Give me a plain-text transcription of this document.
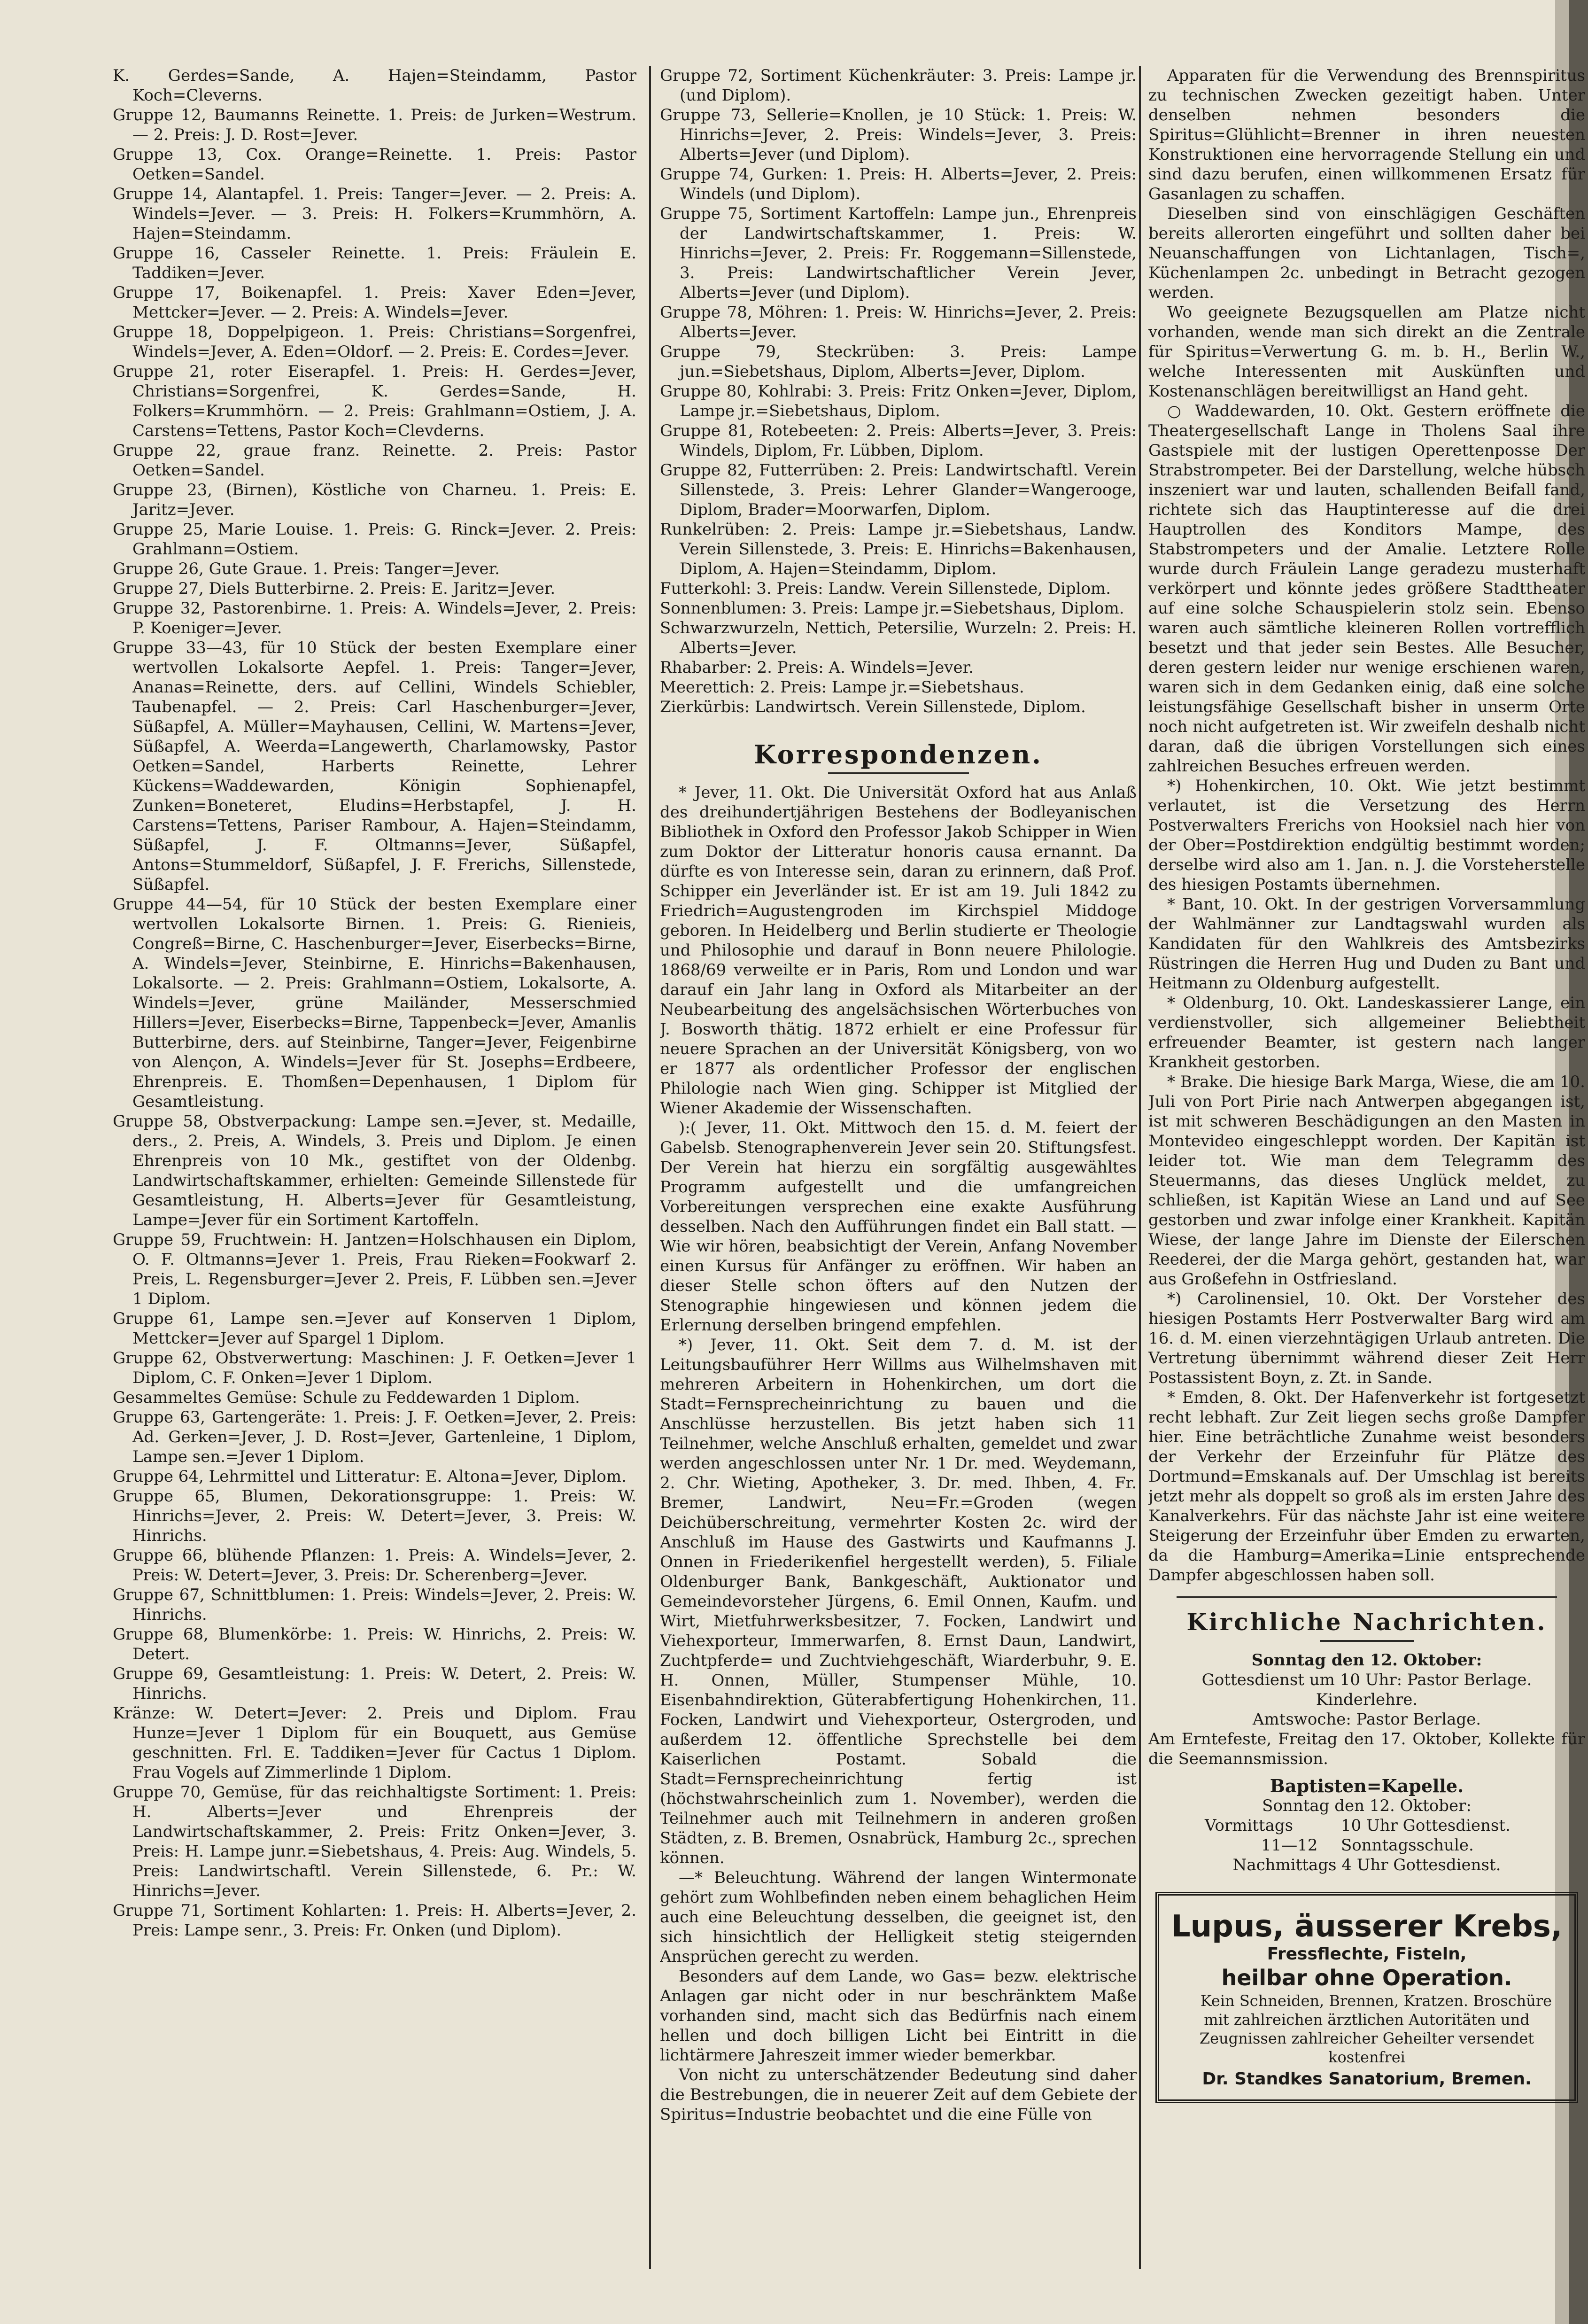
K. Gerdes=Sande, A. Hajen=Steindamm, Pastor Koch=Cleverns.

Gruppe 12, Baumanns Reinette. 1. Preis: de Jurken=Westrum. — 2. Preis: J. D. Rost=Jever.

Gruppe 13, Cox. Orange=Reinette. 1. Preis: Pastor Oetken=Sandel.

Gruppe 14, Alantapfel. 1. Preis: Tanger=Jever. — 2. Preis: A. Windels=Jever. — 3. Preis: H. Folkers=Krummhörn, A. Hajen=Steindamm.

Gruppe 16, Casseler Reinette. 1. Preis: Fräulein E. Taddiken=Jever.

Gruppe 17, Boikenapfel. 1. Preis: Xaver Eden=Jever, Mettcker=Jever. — 2. Preis: A. Windels=Jever.

Gruppe 18, Doppelpigeon. 1. Preis: Christians=Sorgenfrei, Windels=Jever, A. Eden=Oldorf. — 2. Preis: E. Cordes=Jever.

Gruppe 21, roter Eiserapfel. 1. Preis: H. Gerdes=Jever, Christians=Sorgenfrei, K. Gerdes=Sande, H. Folkers=Krummhörn. — 2. Preis: Grahlmann=Ostiem, J. A. Carstens=Tettens, Pastor Koch=Clevderns.

Gruppe 22, graue franz. Reinette. 2. Preis: Pastor Oetken=Sandel.

Gruppe 23, (Birnen), Köstliche von Charneu. 1. Preis: E. Jaritz=Jever.

Gruppe 25, Marie Louise. 1. Preis: G. Rinck=Jever. 2. Preis: Grahlmann=Ostiem.

Gruppe 26, Gute Graue. 1. Preis: Tanger=Jever.

Gruppe 27, Diels Butterbirne. 2. Preis: E. Jaritz=Jever.

Gruppe 32, Pastorenbirne. 1. Preis: A. Windels=Jever, 2. Preis: P. Koeniger=Jever.

Gruppe 33—43, für 10 Stück der besten Exemplare einer wertvollen Lokalsorte Aepfel. 1. Preis: Tanger=Jever, Ananas=Reinette, ders. auf Cellini, Windels Schiebler, Taubenapfel. — 2. Preis: Carl Haschenburger=Jever, Süßapfel, A. Müller=Mayhausen, Cellini, W. Martens=Jever, Süßapfel, A. Weerda=Langewerth, Charlamowsky, Pastor Oetken=Sandel, Harberts Reinette, Lehrer Kückens=Waddewarden, Königin Sophienapfel, Zunken=Boneteret, Eludins=Herbstapfel, J. H. Carstens=Tettens, Pariser Rambour, A. Hajen=Steindamm, Süßapfel, J. F. Oltmanns=Jever, Süßapfel, Antons=Stummeldorf, Süßapfel, J. F. Frerichs, Sillenstede, Süßapfel.

Gruppe 44—54, für 10 Stück der besten Exemplare einer wertvollen Lokalsorte Birnen. 1. Preis: G. Rienieis, Congreß=Birne, C. Haschenburger=Jever, Eiserbecks=Birne, A. Windels=Jever, Steinbirne, E. Hinrichs=Bakenhausen, Lokalsorte. — 2. Preis: Grahlmann=Ostiem, Lokalsorte, A. Windels=Jever, grüne Mailänder, Messerschmied Hillers=Jever, Eiserbecks=Birne, Tappenbeck=Jever, Amanlis Butterbirne, ders. auf Steinbirne, Tanger=Jever, Feigenbirne von Alençon, A. Windels=Jever für St. Josephs=Erdbeere, Ehrenpreis. E. Thomßen=Depenhausen, 1 Diplom für Gesamtleistung.

Gruppe 58, Obstverpackung: Lampe sen.=Jever, st. Medaille, ders., 2. Preis, A. Windels, 3. Preis und Diplom. Je einen Ehrenpreis von 10 Mk., gestiftet von der Oldenbg. Landwirtschaftskammer, erhielten: Gemeinde Sillenstede für Gesamtleistung, H. Alberts=Jever für Gesamtleistung, Lampe=Jever für ein Sortiment Kartoffeln.

Gruppe 59, Fruchtwein: H. Jantzen=Holschhausen ein Diplom, O. F. Oltmanns=Jever 1. Preis, Frau Rieken=Fookwarf 2. Preis, L. Regensburger=Jever 2. Preis, F. Lübben sen.=Jever 1 Diplom.

Gruppe 61, Lampe sen.=Jever auf Konserven 1 Diplom, Mettcker=Jever auf Spargel 1 Diplom.

Gruppe 62, Obstverwertung: Maschinen: J. F. Oetken=Jever 1 Diplom, C. F. Onken=Jever 1 Diplom.

Gesammeltes Gemüse: Schule zu Feddewarden 1 Diplom.

Gruppe 63, Gartengeräte: 1. Preis: J. F. Oetken=Jever, 2. Preis: Ad. Gerken=Jever, J. D. Rost=Jever, Gartenleine, 1 Diplom, Lampe sen.=Jever 1 Diplom.

Gruppe 64, Lehrmittel und Litteratur: E. Altona=Jever, Diplom.

Gruppe 65, Blumen, Dekorationsgruppe: 1. Preis: W. Hinrichs=Jever, 2. Preis: W. Detert=Jever, 3. Preis: W. Hinrichs.

Gruppe 66, blühende Pflanzen: 1. Preis: A. Windels=Jever, 2. Preis: W. Detert=Jever, 3. Preis: Dr. Scherenberg=Jever.

Gruppe 67, Schnittblumen: 1. Preis: Windels=Jever, 2. Preis: W. Hinrichs.

Gruppe 68, Blumenkörbe: 1. Preis: W. Hinrichs, 2. Preis: W. Detert.

Gruppe 69, Gesamtleistung: 1. Preis: W. Detert, 2. Preis: W. Hinrichs.

Kränze: W. Detert=Jever: 2. Preis und Diplom. Frau Hunze=Jever 1 Diplom für ein Bouquett, aus Gemüse geschnitten. Frl. E. Taddiken=Jever für Cactus 1 Diplom. Frau Vogels auf Zimmerlinde 1 Diplom.

Gruppe 70, Gemüse, für das reichhaltigste Sortiment: 1. Preis: H. Alberts=Jever und Ehrenpreis der Landwirtschaftskammer, 2. Preis: Fritz Onken=Jever, 3. Preis: H. Lampe junr.=Siebetshaus, 4. Preis: Aug. Windels, 5. Preis: Landwirtschaftl. Verein Sillenstede, 6. Pr.: W. Hinrichs=Jever.

Gruppe 71, Sortiment Kohlarten: 1. Preis: H. Alberts=Jever, 2. Preis: Lampe senr., 3. Preis: Fr. Onken (und Diplom).

Gruppe 72, Sortiment Küchenkräuter: 3. Preis: Lampe jr. (und Diplom).

Gruppe 73, Sellerie=Knollen, je 10 Stück: 1. Preis: W. Hinrichs=Jever, 2. Preis: Windels=Jever, 3. Preis: Alberts=Jever (und Diplom).

Gruppe 74, Gurken: 1. Preis: H. Alberts=Jever, 2. Preis: Windels (und Diplom).

Gruppe 75, Sortiment Kartoffeln: Lampe jun., Ehrenpreis der Landwirtschaftskammer, 1. Preis: W. Hinrichs=Jever, 2. Preis: Fr. Roggemann=Sillenstede, 3. Preis: Landwirtschaftlicher Verein Jever, Alberts=Jever (und Diplom).

Gruppe 78, Möhren: 1. Preis: W. Hinrichs=Jever, 2. Preis: Alberts=Jever.

Gruppe 79, Steckrüben: 3. Preis: Lampe jun.=Siebetshaus, Diplom, Alberts=Jever, Diplom.

Gruppe 80, Kohlrabi: 3. Preis: Fritz Onken=Jever, Diplom, Lampe jr.=Siebetshaus, Diplom.

Gruppe 81, Rotebeeten: 2. Preis: Alberts=Jever, 3. Preis: Windels, Diplom, Fr. Lübben, Diplom.

Gruppe 82, Futterrüben: 2. Preis: Landwirtschaftl. Verein Sillenstede, 3. Preis: Lehrer Glander=Wangerooge, Diplom, Brader=Moorwarfen, Diplom.

Runkelrüben: 2. Preis: Lampe jr.=Siebetshaus, Landw. Verein Sillenstede, 3. Preis: E. Hinrichs=Bakenhausen, Diplom, A. Hajen=Steindamm, Diplom.

Futterkohl: 3. Preis: Landw. Verein Sillenstede, Diplom.

Sonnenblumen: 3. Preis: Lampe jr.=Siebetshaus, Diplom.

Schwarzwurzeln, Nettich, Petersilie, Wurzeln: 2. Preis: H. Alberts=Jever.

Rhabarber: 2. Preis: A. Windels=Jever.

Meerettich: 2. Preis: Lampe jr.=Siebetshaus.

Zierkürbis: Landwirtsch. Verein Sillenstede, Diplom.

Korrespondenzen.

* Jever, 11. Okt. Die Universität Oxford hat aus Anlaß des dreihundertjährigen Bestehens der Bodleyanischen Bibliothek in Oxford den Professor Jakob Schipper in Wien zum Doktor der Litteratur honoris causa ernannt. Da dürfte es von Interesse sein, daran zu erinnern, daß Prof. Schipper ein Jeverländer ist. Er ist am 19. Juli 1842 zu Friedrich=Augustengroden im Kirchspiel Middoge geboren. In Heidelberg und Berlin studierte er Theologie und Philosophie und darauf in Bonn neuere Philologie. 1868/69 verweilte er in Paris, Rom und London und war darauf ein Jahr lang in Oxford als Mitarbeiter an der Neubearbeitung des angelsächsischen Wörterbuches von J. Bosworth thätig. 1872 erhielt er eine Professur für neuere Sprachen an der Universität Königsberg, von wo er 1877 als ordentlicher Professor der englischen Philologie nach Wien ging. Schipper ist Mitglied der Wiener Akademie der Wissenschaften.

):( Jever, 11. Okt. Mittwoch den 15. d. M. feiert der Gabelsb. Stenographenverein Jever sein 20. Stiftungsfest. Der Verein hat hierzu ein sorgfältig ausgewähltes Programm aufgestellt und die umfangreichen Vorbereitungen versprechen eine exakte Ausführung desselben. Nach den Aufführungen findet ein Ball statt. — Wie wir hören, beabsichtigt der Verein, Anfang November einen Kursus für Anfänger zu eröffnen. Wir haben an dieser Stelle schon öfters auf den Nutzen der Stenographie hingewiesen und können jedem die Erlernung derselben bringend empfehlen.

*) Jever, 11. Okt. Seit dem 7. d. M. ist der Leitungsbauführer Herr Willms aus Wilhelmshaven mit mehreren Arbeitern in Hohenkirchen, um dort die Stadt=Fernsprecheinrichtung zu bauen und die Anschlüsse herzustellen. Bis jetzt haben sich 11 Teilnehmer, welche Anschluß erhalten, gemeldet und zwar werden angeschlossen unter Nr. 1 Dr. med. Weydemann, 2. Chr. Wieting, Apotheker, 3. Dr. med. Ihben, 4. Fr. Bremer, Landwirt, Neu=Fr.=Groden (wegen Deichüberschreitung, vermehrter Kosten 2c. wird der Anschluß im Hause des Gastwirts und Kaufmanns J. Onnen in Friederikenfiel hergestellt werden), 5. Filiale Oldenburger Bank, Bankgeschäft, Auktionator und Gemeindevorsteher Jürgens, 6. Emil Onnen, Kaufm. und Wirt, Mietfuhrwerksbesitzer, 7. Focken, Landwirt und Viehexporteur, Immerwarfen, 8. Ernst Daun, Landwirt, Zuchtpferde= und Zuchtviehgeschäft, Wiarderbuhr, 9. E. H. Onnen, Müller, Stumpenser Mühle, 10. Eisenbahndirektion, Güterabfertigung Hohenkirchen, 11. Focken, Landwirt und Viehexporteur, Ostergroden, und außerdem 12. öffentliche Sprechstelle bei dem Kaiserlichen Postamt. Sobald die Stadt=Fernsprecheinrichtung fertig ist (höchstwahrscheinlich zum 1. November), werden die Teilnehmer auch mit Teilnehmern in anderen großen Städten, z. B. Bremen, Osnabrück, Hamburg 2c., sprechen können.

—* Beleuchtung. Während der langen Wintermonate gehört zum Wohlbefinden neben einem behaglichen Heim auch eine Beleuchtung desselben, die geeignet ist, den sich hinsichtlich der Helligkeit stetig steigernden Ansprüchen gerecht zu werden.

Besonders auf dem Lande, wo Gas= bezw. elektrische Anlagen gar nicht oder in nur beschränktem Maße vorhanden sind, macht sich das Bedürfnis nach einem hellen und doch billigen Licht bei Eintritt in die lichtärmere Jahreszeit immer wieder bemerkbar.

Von nicht zu unterschätzender Bedeutung sind daher die Bestrebungen, die in neuerer Zeit auf dem Gebiete der Spiritus=Industrie beobachtet und die eine Fülle von

Apparaten für die Verwendung des Brennspiritus zu technischen Zwecken gezeitigt haben. Unter denselben nehmen besonders die Spiritus=Glühlicht=Brenner in ihren neuesten Konstruktionen eine hervorragende Stellung ein und sind dazu berufen, einen willkommenen Ersatz für Gasanlagen zu schaffen.

Dieselben sind von einschlägigen Geschäften bereits allerorten eingeführt und sollten daher bei Neuanschaffungen von Lichtanlagen, Tisch=, Küchenlampen 2c. unbedingt in Betracht gezogen werden.

Wo geeignete Bezugsquellen am Platze nicht vorhanden, wende man sich direkt an die Zentrale für Spiritus=Verwertung G. m. b. H., Berlin W., welche Interessenten mit Auskünften und Kostenanschlägen bereitwilligst an Hand geht.

○ Waddewarden, 10. Okt. Gestern eröffnete die Theatergesellschaft Lange in Tholens Saal ihre Gastspiele mit der lustigen Operettenposse Der Strabstrompeter. Bei der Darstellung, welche hübsch inszeniert war und lauten, schallenden Beifall fand, richtete sich das Hauptinteresse auf die drei Hauptrollen des Konditors Mampe, des Stabstrompeters und der Amalie. Letztere Rolle wurde durch Fräulein Lange geradezu musterhaft verkörpert und könnte jedes größere Stadttheater auf eine solche Schauspielerin stolz sein. Ebenso waren auch sämtliche kleineren Rollen vortrefflich besetzt und that jeder sein Bestes. Alle Besucher, deren gestern leider nur wenige erschienen waren, waren sich in dem Gedanken einig, daß eine solche leistungsfähige Gesellschaft bisher in unserm Orte noch nicht aufgetreten ist. Wir zweifeln deshalb nicht daran, daß die übrigen Vorstellungen sich eines zahlreichen Besuches erfreuen werden.

*) Hohenkirchen, 10. Okt. Wie jetzt bestimmt verlautet, ist die Versetzung des Herrn Postverwalters Frerichs von Hooksiel nach hier von der Ober=Postdirektion endgültig bestimmt worden; derselbe wird also am 1. Jan. n. J. die Vorsteherstelle des hiesigen Postamts übernehmen.

* Bant, 10. Okt. In der gestrigen Vorversammlung der Wahlmänner zur Landtagswahl wurden als Kandidaten für den Wahlkreis des Amtsbezirks Rüstringen die Herren Hug und Duden zu Bant und Heitmann zu Oldenburg aufgestellt.

* Oldenburg, 10. Okt. Landeskassierer Lange, ein verdienstvoller, sich allgemeiner Beliebtheit erfreuender Beamter, ist gestern nach langer Krankheit gestorben.

* Brake. Die hiesige Bark Marga, Wiese, die am 10. Juli von Port Pirie nach Antwerpen abgegangen ist, ist mit schweren Beschädigungen an den Masten in Montevideo eingeschleppt worden. Der Kapitän ist leider tot. Wie man dem Telegramm des Steuermanns, das dieses Unglück meldet, zu schließen, ist Kapitän Wiese an Land und auf See gestorben und zwar infolge einer Krankheit. Kapitän Wiese, der lange Jahre im Dienste der Eilerschen Reederei, der die Marga gehört, gestanden hat, war aus Großefehn in Ostfriesland.

*) Carolinensiel, 10. Okt. Der Vorsteher des hiesigen Postamts Herr Postverwalter Barg wird am 16. d. M. einen vierzehntägigen Urlaub antreten. Die Vertretung übernimmt während dieser Zeit Herr Postassistent Boyn, z. Zt. in Sande.

* Emden, 8. Okt. Der Hafenverkehr ist fortgesetzt recht lebhaft. Zur Zeit liegen sechs große Dampfer hier. Eine beträchtliche Zunahme weist besonders der Verkehr der Erzeinfuhr für Plätze des Dortmund=Emskanals auf. Der Umschlag ist bereits jetzt mehr als doppelt so groß als im ersten Jahre des Kanalverkehrs. Für das nächste Jahr ist eine weitere Steigerung der Erzeinfuhr über Emden zu erwarten, da die Hamburg=Amerika=Linie entsprechende Dampfer abgeschlossen haben soll.

Kirchliche Nachrichten.

Sonntag den 12. Oktober:

Gottesdienst um 10 Uhr: Pastor Berlage.

Kinderlehre.

Amtswoche: Pastor Berlage.

Am Erntefeste, Freitag den 17. Oktober, Kollekte für die Seemannsmission.

Baptisten=Kapelle.

Sonntag den 12. Oktober:

Vormittags	10 Uhr Gottesdienst.
11—12	Sonntagsschule.

Nachmittags 4 Uhr Gottesdienst.

Lupus, äusserer Krebs,
Fressflechte, Fisteln,
heilbar ohne Operation.

Kein Schneiden, Brennen, Kratzen. Broschüre mit zahlreichen ärztlichen Autoritäten und Zeugnissen zahlreicher Geheilter versendet kostenfrei

Dr. Standkes Sanatorium, Bremen.
